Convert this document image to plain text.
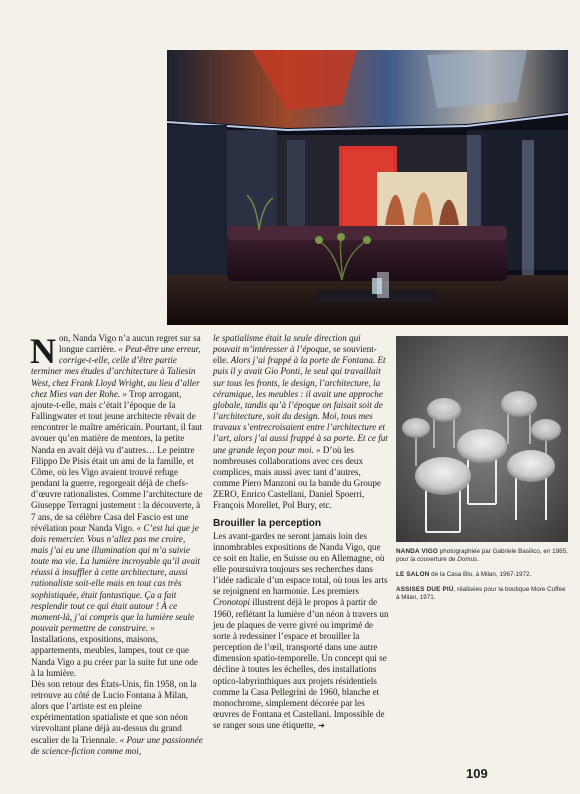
Non, Nanda Vigo n’a aucun regret sur sa longue carrière. « Peut-être une erreur, corrige-t-elle, celle d’être partie terminer mes études d’architecture à Taliesin West, chez Frank Lloyd Wright, au lieu d’aller chez Mies van der Rohe. » Trop arrogant, ajoute-t-elle, mais c’était l’époque de la Fallingwater et tout jeune architecte rêvait de rencontrer le maître américain. Pourtant, il faut avouer qu’en matière de mentors, la petite Nanda en avait déjà vu d’autres… Le peintre Filippo De Pisis était un ami de la famille, et Côme, où les Vigo avaient trouvé refuge pendant la guerre, regorgeait déjà de chefs-d’œuvre rationalistes. Comme l’architecture de Giuseppe Terragni justement : la découverte, à 7 ans, de sa célèbre Casa del Fascio est une révélation pour Nanda Vigo. « C’est lui que je dois remercier. Vous n’allez pas me croire, mais j’ai eu une illumination qui m’a suivie toute ma vie. La lumière incroyable qu’il avait réussi à insuffler à cette architecture, aussi rationaliste soit-elle mais en tout cas très sophistiquée, était fantastique. Ça a fait resplendir tout ce qui était autour ! À ce moment-là, j’ai compris que la lumière seule pouvait permettre de construire. » Installations, expositions, maisons, appartements, meubles, lampes, tout ce que Nanda Vigo a pu créer par la suite fut une ode à la lumière.

Dès son retour des États-Unis, fin 1958, on la retrouve au côté de Lucio Fontana à Milan, alors que l’artiste est en pleine expérimentation spatialiste et que son néon virevoltant plane déjà au-dessus du grand escalier de la Triennale. « Pour une passionnée de science-fiction comme moi,

le spatialisme était la seule direction qui pouvait m’intéresser à l’époque, se souvient-elle. Alors j’ai frappé à la porte de Fontana. Et puis il y avait Gio Ponti, le seul qui travaillait sur tous les fronts, le design, l’architecture, la céramique, les meubles : il avait une approche globale, tandis qu’à l’époque on faisait soit de l’architecture, soit du design. Moi, tous mes travaux s’entrecroisaient entre l’architecture et l’art, alors j’ai aussi frappé à sa porte. Et ce fut une grande leçon pour moi. » D’où les nombreuses collaborations avec ces deux complices, mais aussi avec tant d’autres, comme Piero Manzoni ou la bande du Groupe ZERO, Enrico Castellani, Daniel Spoerri, François Morellet, Pol Bury, etc.

Brouiller la perception

Les avant-gardes ne seront jamais loin des innombrables expositions de Nanda Vigo, que ce soit en Italie, en Suisse ou en Allemagne, où elle poursuivra toujours ses recherches dans l’idée radicale d’un espace total, où tous les arts se rejoignent en harmonie. Les premiers Cronotopi illustrent déjà le propos à partir de 1960, reflétant la lumière d’un néon à travers un jeu de plaques de verre givré ou imprimé de sorte à redessiner l’espace et brouiller la perception de l’œil, transporté dans une autre dimension spatio-temporelle. Un concept qui se décline à toutes les échelles, des installations optico-labyrinthiques aux projets résidentiels comme la Casa Pellegrini de 1960, blanche et monochrome, simplement décorée par les œuvres de Fontana et Castellani. Impossible de se ranger sous une étiquette, ➔

NANDA VIGO photographiée par Gabriele Basilico, en 1985, pour la couverture de Domus.
LE SALON de la Casa Blu, à Milan, 1967-1972.
ASSISES DUE PIÙ, réalisées pour la boutique More Coffee à Milan, 1971.
109
